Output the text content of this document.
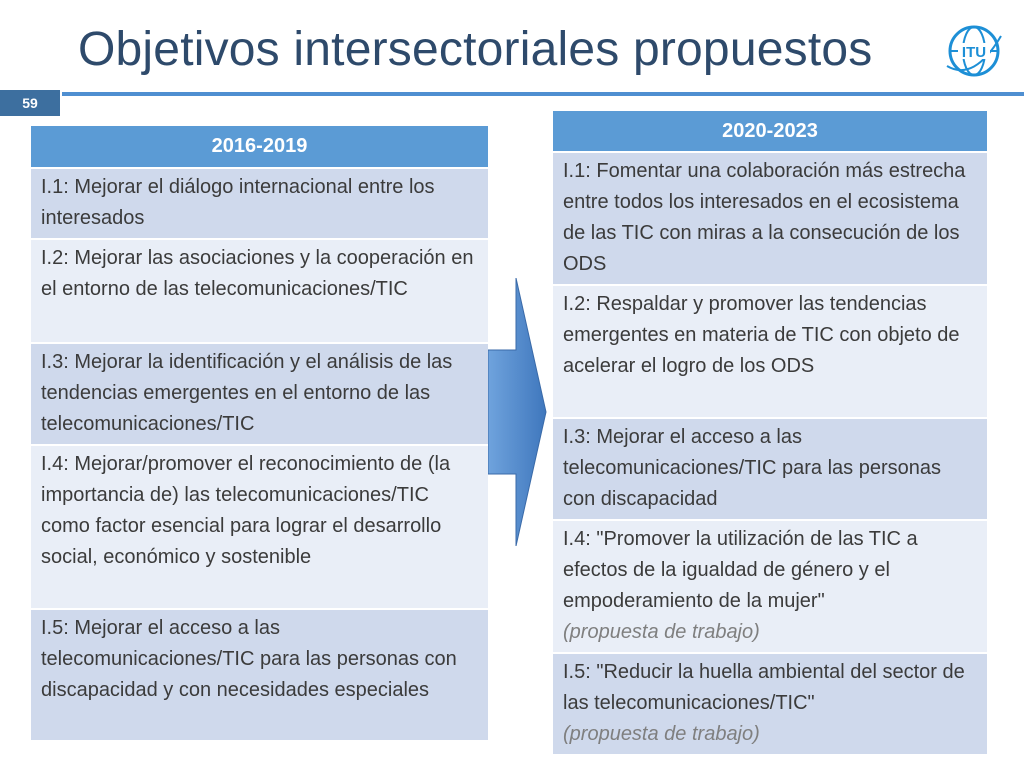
Objetivos intersectoriales propuestos	ITU
59
2016-2019
I.1: Mejorar el diálogo internacional entre los interesados
I.2: Mejorar las asociaciones y la cooperación en el entorno de las telecomunicaciones/TIC
I.3: Mejorar la identificación y el análisis de las tendencias emergentes en el entorno de las telecomunicaciones/TIC
I.4: Mejorar/promover el reconocimiento de (la importancia de) las telecomunicaciones/TIC como factor esencial para lograr el desarrollo social, económico y sostenible
I.5: Mejorar el acceso a las telecomunicaciones/TIC para las personas con discapacidad y con necesidades especiales
2020-2023
I.1: Fomentar una colaboración más estrecha entre todos los interesados en el ecosistema de las TIC con miras a la consecución de los ODS
I.2: Respaldar y promover las tendencias emergentes en materia de TIC con objeto de acelerar el logro de los ODS
I.3: Mejorar el acceso a las telecomunicaciones/TIC para las personas con discapacidad
I.4: "Promover la utilización de las TIC a efectos de la igualdad de género y el empoderamiento de la mujer"
(propuesta de trabajo)
I.5: "Reducir la huella ambiental del sector de las telecomunicaciones/TIC"
(propuesta de trabajo)
